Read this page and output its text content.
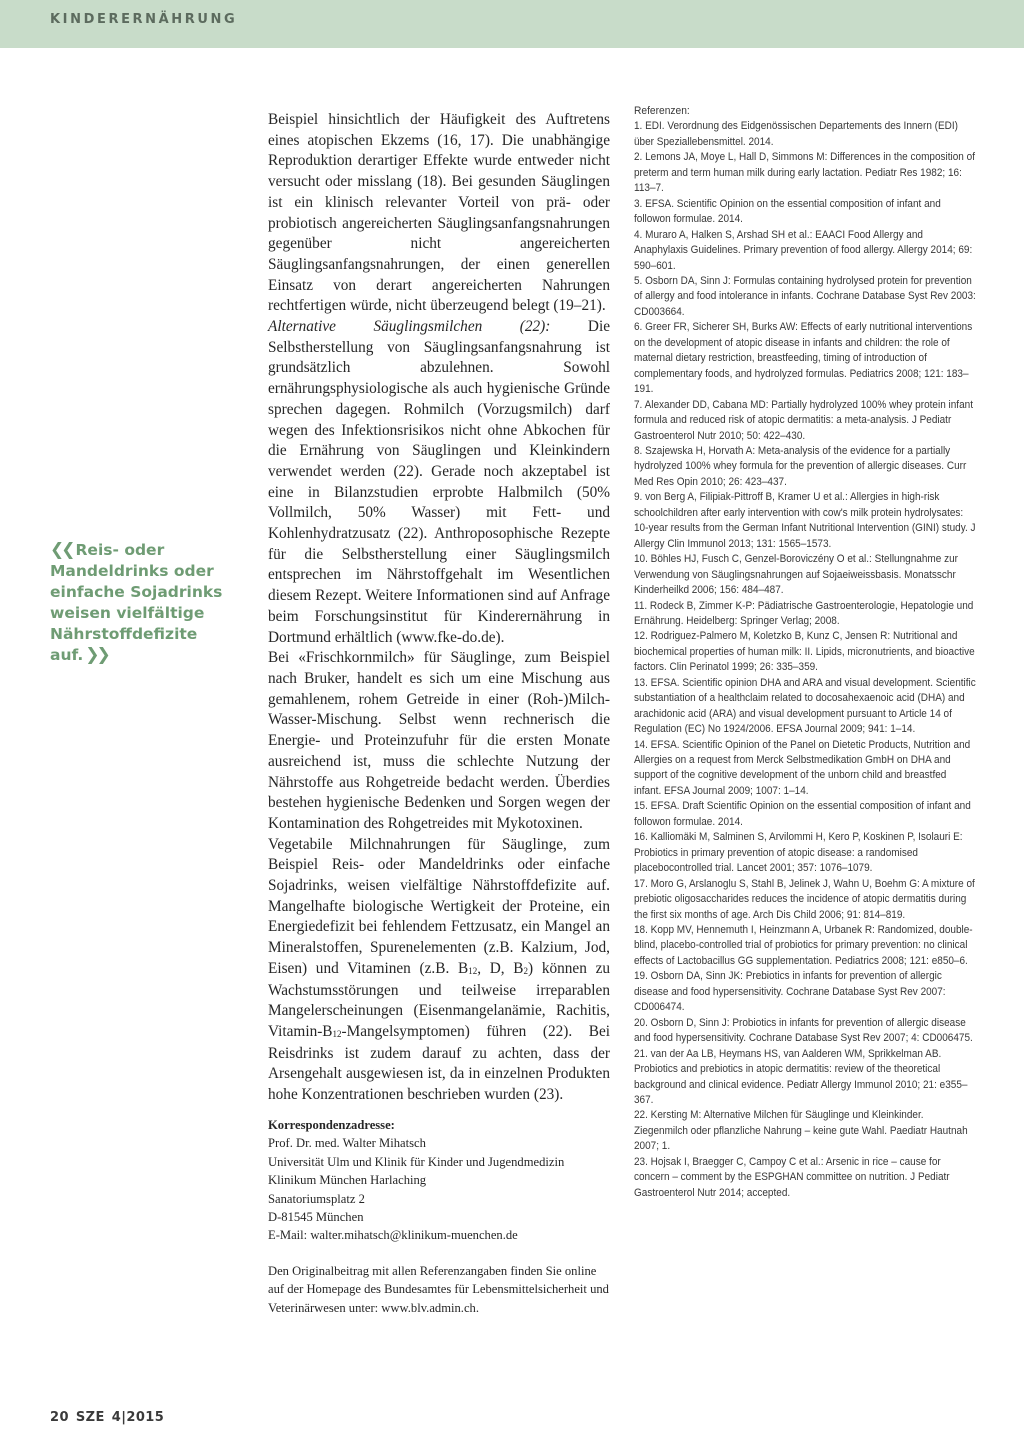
KINDERERNÄHRUNG
❮❮ Reis- oder Mandeldrinks oder einfache Sojadrinks weisen vielfältige Nährstoffdefizite auf. ❯❯

Beispiel hinsichtlich der Häufigkeit des Auftretens eines atopischen Ekzems (16, 17). Die unabhängige Reproduktion derartiger Effekte wurde entweder nicht versucht oder misslang (18). Bei gesunden Säuglingen ist ein klinisch relevanter Vorteil von prä- oder probiotisch angereicherten Säuglingsanfangsnahrungen gegenüber nicht angereicherten Säuglingsanfangsnahrungen, der einen generellen Einsatz von derart angereicherten Nahrungen rechtfertigen würde, nicht überzeugend belegt (19–21).

Alternative Säuglingsmilchen (22): Die Selbstherstellung von Säuglingsanfangsnahrung ist grundsätzlich abzulehnen. Sowohl ernährungsphysiologische als auch hygienische Gründe sprechen dagegen. Rohmilch (Vorzugsmilch) darf wegen des Infektionsrisikos nicht ohne Abkochen für die Ernährung von Säuglingen und Kleinkindern verwendet werden (22). Gerade noch akzeptabel ist eine in Bilanzstudien erprobte Halbmilch (50% Vollmilch, 50% Wasser) mit Fett- und Kohlenhydratzusatz (22). Anthroposophische Rezepte für die Selbstherstellung einer Säuglingsmilch entsprechen im Nährstoffgehalt im Wesentlichen diesem Rezept. Weitere Informationen sind auf Anfrage beim Forschungsinstitut für Kinderernährung in Dortmund erhältlich (www.fke-do.de).

Bei «Frischkornmilch» für Säuglinge, zum Beispiel nach Bruker, handelt es sich um eine Mischung aus gemahlenem, rohem Getreide in einer (Roh-)Milch-Wasser-Mischung. Selbst wenn rechnerisch die Energie- und Proteinzufuhr für die ersten Monate ausreichend ist, muss die schlechte Nutzung der Nährstoffe aus Rohgetreide bedacht werden. Überdies bestehen hygienische Bedenken und Sorgen wegen der Kontamination des Rohgetreides mit Mykotoxinen.

Vegetabile Milchnahrungen für Säuglinge, zum Beispiel Reis- oder Mandeldrinks oder einfache Sojadrinks, weisen vielfältige Nährstoffdefizite auf. Mangelhafte biologische Wertigkeit der Proteine, ein Energiedefizit bei fehlendem Fettzusatz, ein Mangel an Mineralstoffen, Spurenelementen (z.B. Kalzium, Jod, Eisen) und Vitaminen (z.B. $B_{12}$, D, $B_2$) können zu Wachstumsstörungen und teilweise irreparablen Mangelerscheinungen (Eisenmangelanämie, Rachitis, Vitamin-$B_{12}-Mangelsymptomen$) führen (22). Bei Reisdrinks ist zudem darauf zu achten, dass der Arsengehalt ausgewiesen ist, da in einzelnen Produkten hohe Konzentrationen beschrieben wurden (23).

Korrespondenzadresse:
Prof. Dr. med. Walter Mihatsch
Universität Ulm und Klinik für Kinder und Jugendmedizin
Klinikum München Harlaching
Sanatoriumsplatz 2
D-81545 München
E-Mail: walter.mihatsch@klinikum-muenchen.de
Den Originalbeitrag mit allen Referenzangaben finden Sie online auf der Homepage des Bundesamtes für Lebensmittelsicherheit und Veterinärwesen unter: www.blv.admin.ch.
Referenzen:
1. EDI. Verordnung des Eidgenössischen Departements des Innern (EDI) über Speziallebensmittel. 2014.
2. Lemons JA, Moye L, Hall D, Simmons M: Differences in the composition of preterm and term human milk during early lactation. Pediatr Res 1982; 16: 113–7.
3. EFSA. Scientific Opinion on the essential composition of infant and followon formulae. 2014.
4. Muraro A, Halken S, Arshad SH et al.: EAACI Food Allergy and Anaphylaxis Guidelines. Primary prevention of food allergy. Allergy 2014; 69: 590–601.
5. Osborn DA, Sinn J: Formulas containing hydrolysed protein for prevention of allergy and food intolerance in infants. Cochrane Database Syst Rev 2003: CD003664.
6. Greer FR, Sicherer SH, Burks AW: Effects of early nutritional interventions on the development of atopic disease in infants and children: the role of maternal dietary restriction, breastfeeding, timing of introduction of complementary foods, and hydrolyzed formulas. Pediatrics 2008; 121: 183–191.
7. Alexander DD, Cabana MD: Partially hydrolyzed 100% whey protein infant formula and reduced risk of atopic dermatitis: a meta-analysis. J Pediatr Gastroenterol Nutr 2010; 50: 422–430.
8. Szajewska H, Horvath A: Meta-analysis of the evidence for a partially hydrolyzed 100% whey formula for the prevention of allergic diseases. Curr Med Res Opin 2010; 26: 423–437.
9. von Berg A, Filipiak-Pittroff B, Kramer U et al.: Allergies in high-risk schoolchildren after early intervention with cow's milk protein hydrolysates: 10-year results from the German Infant Nutritional Intervention (GINI) study. J Allergy Clin Immunol 2013; 131: 1565–1573.
10. Böhles HJ, Fusch C, Genzel-Boroviczény O et al.: Stellungnahme zur Verwendung von Säuglingsnahrungen auf Sojaeiweissbasis. Monatsschr Kinderheilkd 2006; 156: 484–487.
11. Rodeck B, Zimmer K-P: Pädiatrische Gastroenterologie, Hepatologie und Ernährung. Heidelberg: Springer Verlag; 2008.
12. Rodriguez-Palmero M, Koletzko B, Kunz C, Jensen R: Nutritional and biochemical properties of human milk: II. Lipids, micronutrients, and bioactive factors. Clin Perinatol 1999; 26: 335–359.
13. EFSA. Scientific opinion DHA and ARA and visual development. Scientific substantiation of a healthclaim related to docosahexaenoic acid (DHA) and arachidonic acid (ARA) and visual development pursuant to Article 14 of Regulation (EC) No 1924/2006. EFSA Journal 2009; 941: 1–14.
14. EFSA. Scientific Opinion of the Panel on Dietetic Products, Nutrition and Allergies on a request from Merck Selbstmedikation GmbH on DHA and support of the cognitive development of the unborn child and breastfed infant. EFSA Journal 2009; 1007: 1–14.
15. EFSA. Draft Scientific Opinion on the essential composition of infant and followon formulae. 2014.
16. Kalliomäki M, Salminen S, Arvilommi H, Kero P, Koskinen P, Isolauri E: Probiotics in primary prevention of atopic disease: a randomised placebocontrolled trial. Lancet 2001; 357: 1076–1079.
17. Moro G, Arslanoglu S, Stahl B, Jelinek J, Wahn U, Boehm G: A mixture of prebiotic oligosaccharides reduces the incidence of atopic dermatitis during the first six months of age. Arch Dis Child 2006; 91: 814–819.
18. Kopp MV, Hennemuth I, Heinzmann A, Urbanek R: Randomized, double-blind, placebo-controlled trial of probiotics for primary prevention: no clinical effects of Lactobacillus GG supplementation. Pediatrics 2008; 121: e850–6.
19. Osborn DA, Sinn JK: Prebiotics in infants for prevention of allergic disease and food hypersensitivity. Cochrane Database Syst Rev 2007: CD006474.
20. Osborn D, Sinn J: Probiotics in infants for prevention of allergic disease and food hypersensitivity. Cochrane Database Syst Rev 2007; 4: CD006475.
21. van der Aa LB, Heymans HS, van Aalderen WM, Sprikkelman AB. Probiotics and prebiotics in atopic dermatitis: review of the theoretical background and clinical evidence. Pediatr Allergy Immunol 2010; 21: e355–367.
22. Kersting M: Alternative Milchen für Säuglinge und Kleinkinder. Ziegenmilch oder pflanzliche Nahrung – keine gute Wahl. Paediatr Hautnah 2007; 1.
23. Hojsak I, Braegger C, Campoy C et al.: Arsenic in rice – cause for concern – comment by the ESPGHAN committee on nutrition. J Pediatr Gastroenterol Nutr 2014; accepted.
20 SZE 4|2015
